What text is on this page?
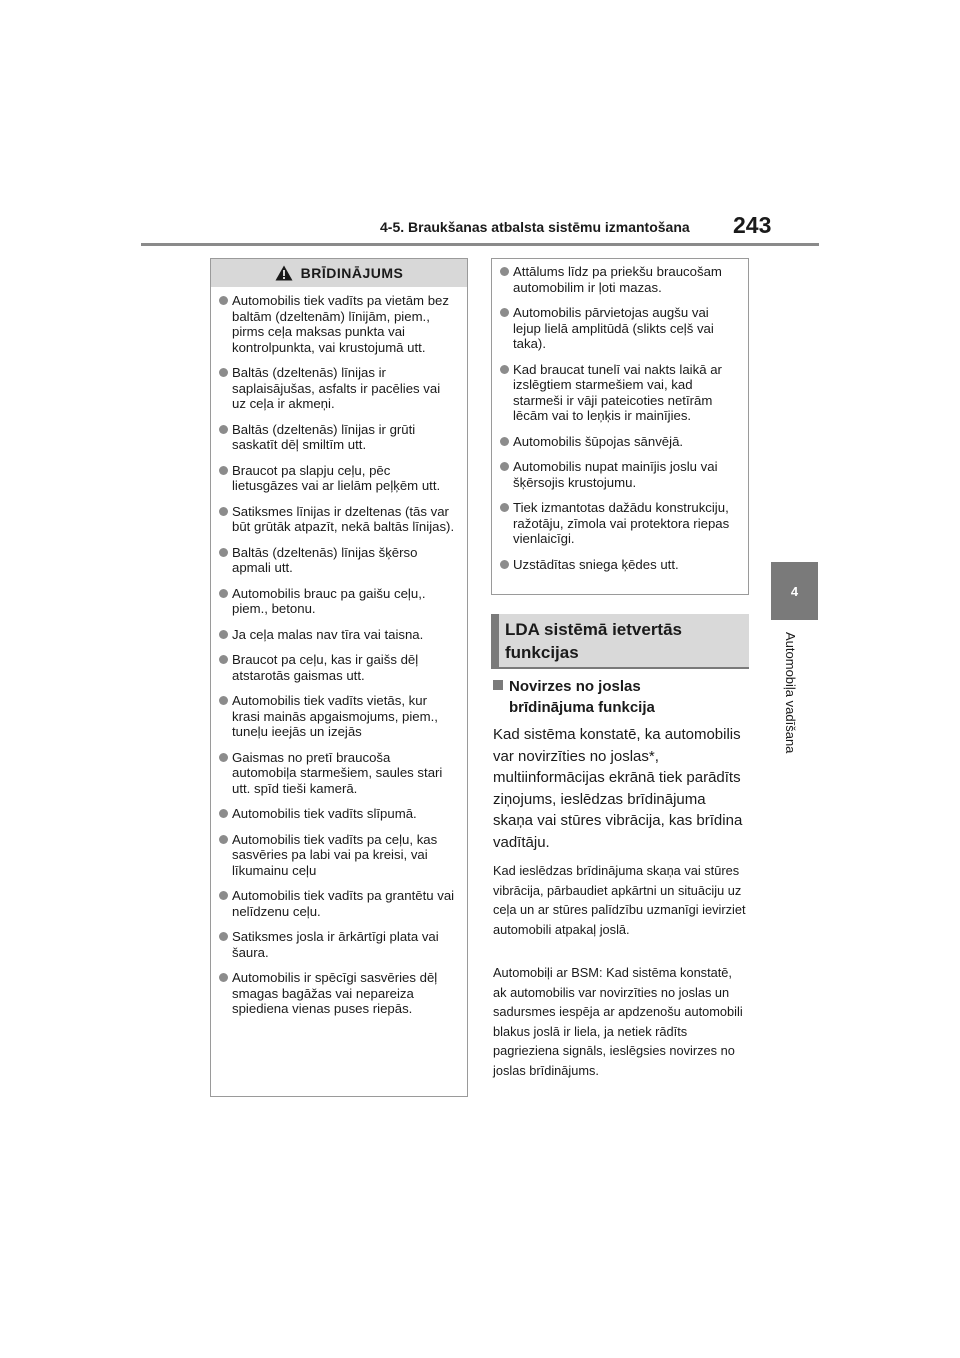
4-5. Braukšanas atbalsta sistēmu izmantošana 243
4
Automobiļa vadīšana
BRĪDINĀJUMS
Automobilis tiek vadīts pa vietām bez baltām (dzeltenām) līnijām, piem., pirms ceļa maksas punkta vai kontrolpunkta, vai krustojumā utt.
Baltās (dzeltenās) līnijas ir saplaisājušas, asfalts ir pacēlies vai uz ceļa ir akmeņi.
Baltās (dzeltenās) līnijas ir grūti saskatīt dēļ smiltīm utt.
Braucot pa slapju ceļu, pēc lietusgāzes vai ar lielām peļķēm utt.
Satiksmes līnijas ir dzeltenas (tās var būt grūtāk atpazīt, nekā baltās līnijas).
Baltās (dzeltenās) līnijas šķērso apmali utt.
Automobilis brauc pa gaišu ceļu,. piem., betonu.
Ja ceļa malas nav tīra vai taisna.
Braucot pa ceļu, kas ir gaišs dēļ atstarotās gaismas utt.
Automobilis tiek vadīts vietās, kur krasi mainās apgaismojums, piem., tuneļu ieejās un izejās
Gaismas no pretī braucoša automobiļa starmešiem, saules stari utt. spīd tieši kamerā.
Automobilis tiek vadīts slīpumā.
Automobilis tiek vadīts pa ceļu, kas sasvēries pa labi vai pa kreisi, vai līkumainu ceļu
Automobilis tiek vadīts pa grantētu vai nelīdzenu ceļu.
Satiksmes josla ir ārkārtīgi plata vai šaura.
Automobilis ir spēcīgi sasvēries dēļ smagas bagāžas vai nepareiza spiediena vienas puses riepās.
Attālums līdz pa priekšu braucošam automobilim ir ļoti mazas.
Automobilis pārvietojas augšu vai lejup lielā amplitūdā (slikts ceļš vai taka).
Kad braucat tunelī vai nakts laikā ar izslēgtiem starmešiem vai, kad starmeši ir vāji pateicoties netīrām lēcām vai to leņķis ir mainījies.
Automobilis šūpojas sānvējā.
Automobilis nupat mainījis joslu vai šķērsojis krustojumu.
Tiek izmantotas dažādu konstrukciju, ražotāju, zīmola vai protektora riepas vienlaicīgi.
Uzstādītas sniega ķēdes utt.
LDA sistēmā ietvertās
funkcijas
Novirzes no joslas
brīdinājuma funkcija
Kad sistēma konstatē, ka automobilis var novirzīties no joslas*, multiinformācijas ekrānā tiek parādīts ziņojums, ieslēdzas brīdinājuma skaņa vai stūres vibrācija, kas brīdina vadītāju.
Kad ieslēdzas brīdinājuma skaņa vai stūres vibrācija, pārbaudiet apkārtni un situāciju uz ceļa un ar stūres palīdzību uzmanīgi ievirziet automobili atpakaļ joslā.
Automobiļi ar BSM: Kad sistēma konstatē, ak automobilis var novirzīties no joslas un sadursmes iespēja ar apdzenošu automobili blakus joslā ir liela, ja netiek rādīts pagrieziena signāls, ieslēgsies novirzes no joslas brīdinājums.
